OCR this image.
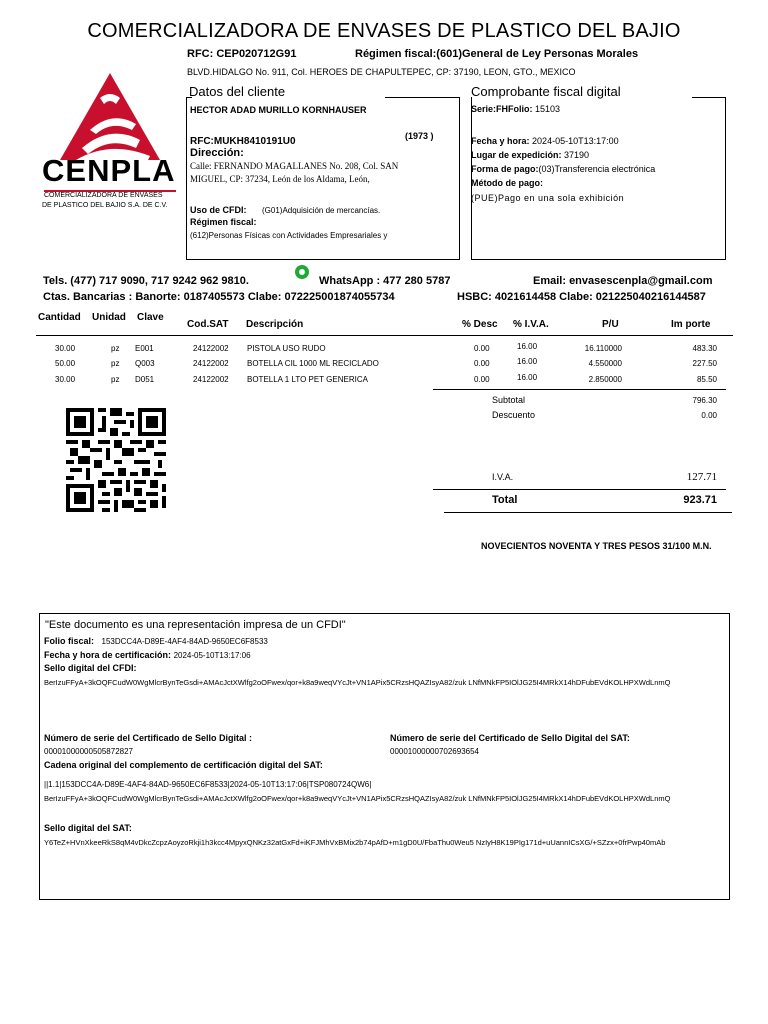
COMERCIALIZADORA DE ENVASES DE PLASTICO DEL BAJIO
RFC: CEP020712G91	Régimen fiscal:(601)General de Ley Personas Morales
BLVD.HIDALGO No. 911, Col. HEROES DE CHAPULTEPEC, CP: 37190, LEON, GTO., MEXICO
CENPLA
COMERCIALIZADORA DE ENVASES
DE PLASTICO DEL BAJIO S.A. DE C.V.
Datos del cliente
HECTOR ADAD MURILLO KORNHAUSER
RFC:MUKH8410191U0	(1973 )
Dirección:
Calle: FERNANDO MAGALLANES No. 208, Col. SAN
MIGUEL, CP: 37234, León de los Aldama, León,
Uso de CFDI: (G01)Adquisición de mercancías.
Régimen fiscal:
(612)Personas Físicas con Actividades Empresariales y
Comprobante fiscal digital
Serie:FHFolio: 15103
Fecha y hora: 2024-05-10T13:17:00
Lugar de expedición: 37190
Forma de pago:(03)Transferencia electrónica
Método de pago:
(PUE)Pago en una sola exhibición
Tels. (477) 717 9090, 717 9242 962 9810.	WhatsApp : 477 280 5787	Email: envasescenpla@gmail.com
Ctas. Bancarias : Banorte: 0187405573 Clabe: 072225001874055734	HSBC: 4021614458 Clabe: 021225040216144587
Cantidad Unidad Clave
Cod.SAT Descripción	% Desc % I.V.A.	P/U	Im porte
30.00	pz E001	24122002 PISTOLA USO RUDO	0.00	16.00	16.110000	483.30
50.00	pz Q003	24122002 BOTELLA CIL 1000 ML RECICLADO	0.00	16.00	4.550000	227.50
30.00	pz D051	24122002 BOTELLA 1 LTO PET GENERICA	0.00	16.00	2.850000	85.50
Subtotal	796.30
Descuento	0.00
I.V.A.	127.71
Total	923.71
NOVECIENTOS NOVENTA Y TRES PESOS 31/100 M.N.
"Este documento es una representación impresa de un CFDI"
Folio fiscal: 153DCC4A-D89E-4AF4-84AD-9650EC6F8533
Fecha y hora de certificación: 2024-05-10T13:17:06
Sello digital del CFDI:
BerIzuFFyA+3kOQFCudW0WgMlcrBynTeGsdi+AMAcJctXWlfg2oOFwex/qor+k8a9weqVYcJt+VN1APix5CRzsHQAZIsyA82/zuk LNfMNkFP5IOlJG25I4MRkX14hDFubEVdKOLHPXWdLnmQ
Número de serie del Certificado de Sello Digital :
00001000000505872827
Número de serie del Certificado de Sello Digital del SAT:
00001000000702693654
Cadena original del complemento de certificación digital del SAT:
||1.1|153DCC4A-D89E-4AF4-84AD-9650EC6F8533|2024-05-10T13:17:06|TSP080724QW6|
BerIzuFFyA+3kOQFCudW0WgMlcrBynTeGsdi+AMAcJctXWlfg2oOFwex/qor+k8a9weqVYcJt+VN1APix5CRzsHQAZIsyA82/zuk LNfMNkFP5IOlJG25I4MRkX14hDFubEVdKOLHPXWdLnmQ
Sello digital del SAT:
Y6TeZ+HVnXkeeRkS8qM4vDkcZcpzAoyzoRkji1h3kcc4MpyxQNKz32atGxFd+iKFJMhVxBMix2b74pAfD+m1gD0U/FbaThu0Weu5 NzIyH8K19PIg171d+uUannICsXG/+SZzx+0frPwp40mAb
